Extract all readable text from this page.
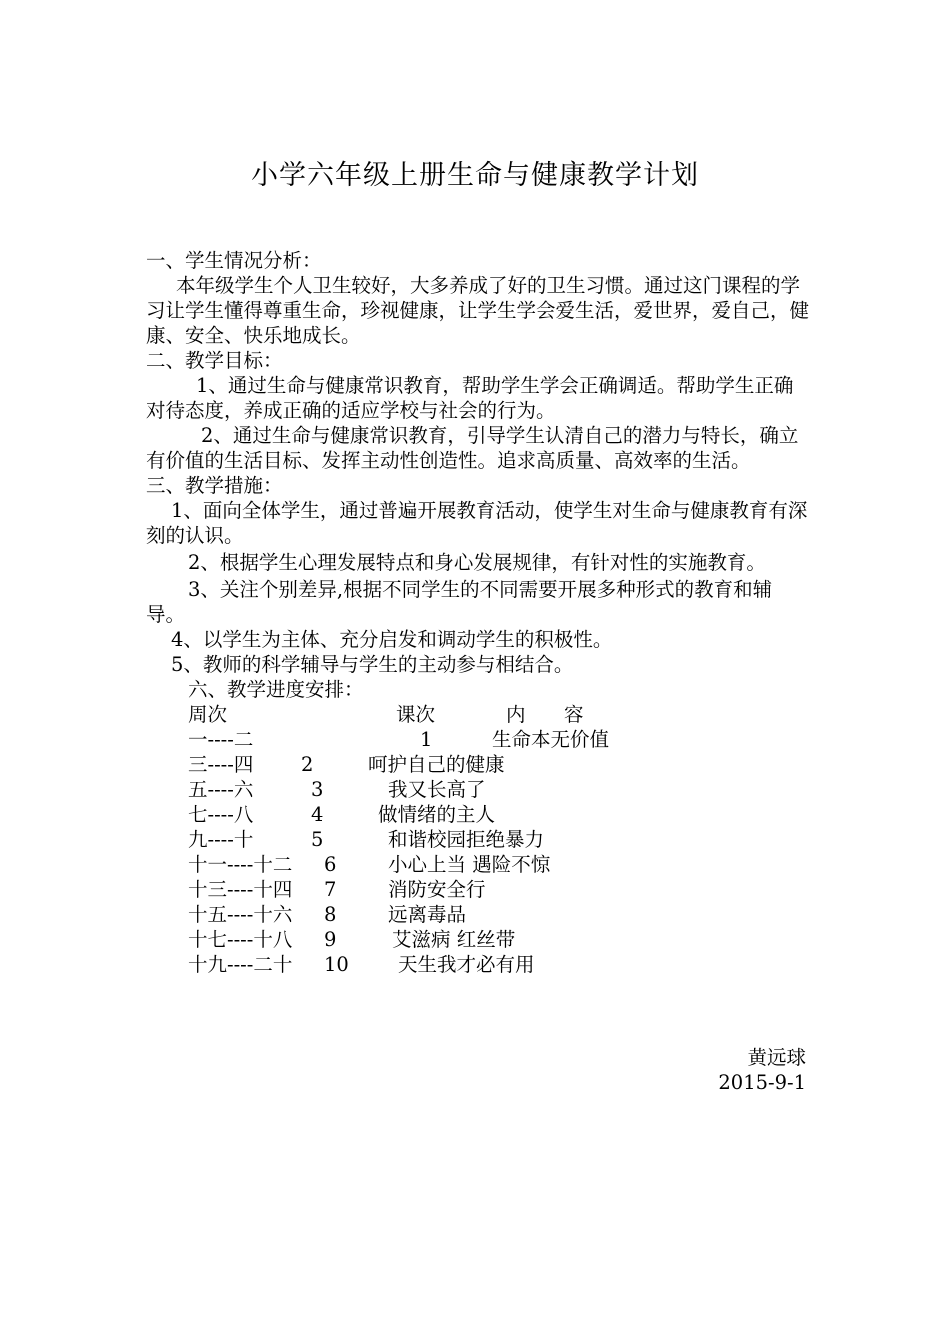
小学六年级上册生命与健康教学计划

一、学生情况分析：

本年级学生个人卫生较好，大多养成了好的卫生习惯。通过这门课程的学习让学生懂得尊重生命，珍视健康，让学生学会爱生活，爱世界，爱自己，健康、安全、快乐地成长。

二、教学目标：

1、通过生命与健康常识教育，帮助学生学会正确调适。帮助学生正确对待态度，养成正确的适应学校与社会的行为。

2、通过生命与健康常识教育，引导学生认清自己的潜力与特长，确立有价值的生活目标、发挥主动性创造性。追求高质量、高效率的生活。

三、教学措施：

1、面向全体学生，通过普遍开展教育活动，使学生对生命与健康教育有深刻的认识。

2、根据学生心理发展特点和身心发展规律，有针对性的实施教育。

3、关注个别差异,根据不同学生的不同需要开展多种形式的教育和辅导。

4、以学生为主体、充分启发和调动学生的积极性。

5、教师的科学辅导与学生的主动参与相结合。

六、教学进度安排：

周次	课次	内 容
一----二	1	生命本无价值
三----四 2	呵护自己的健康
五----六	3	我又长高了
七----八	4	做情绪的主人
九----十	5	和谐校园拒绝暴力
十一----十二 6	小心上当 遇险不惊
十三----十四 7	消防安全行
十五----十六 8	远离毒品
十七----十八 9	艾滋病 红丝带
十九----二十 10	天生我才必有用
黄远球
2015-9-1
